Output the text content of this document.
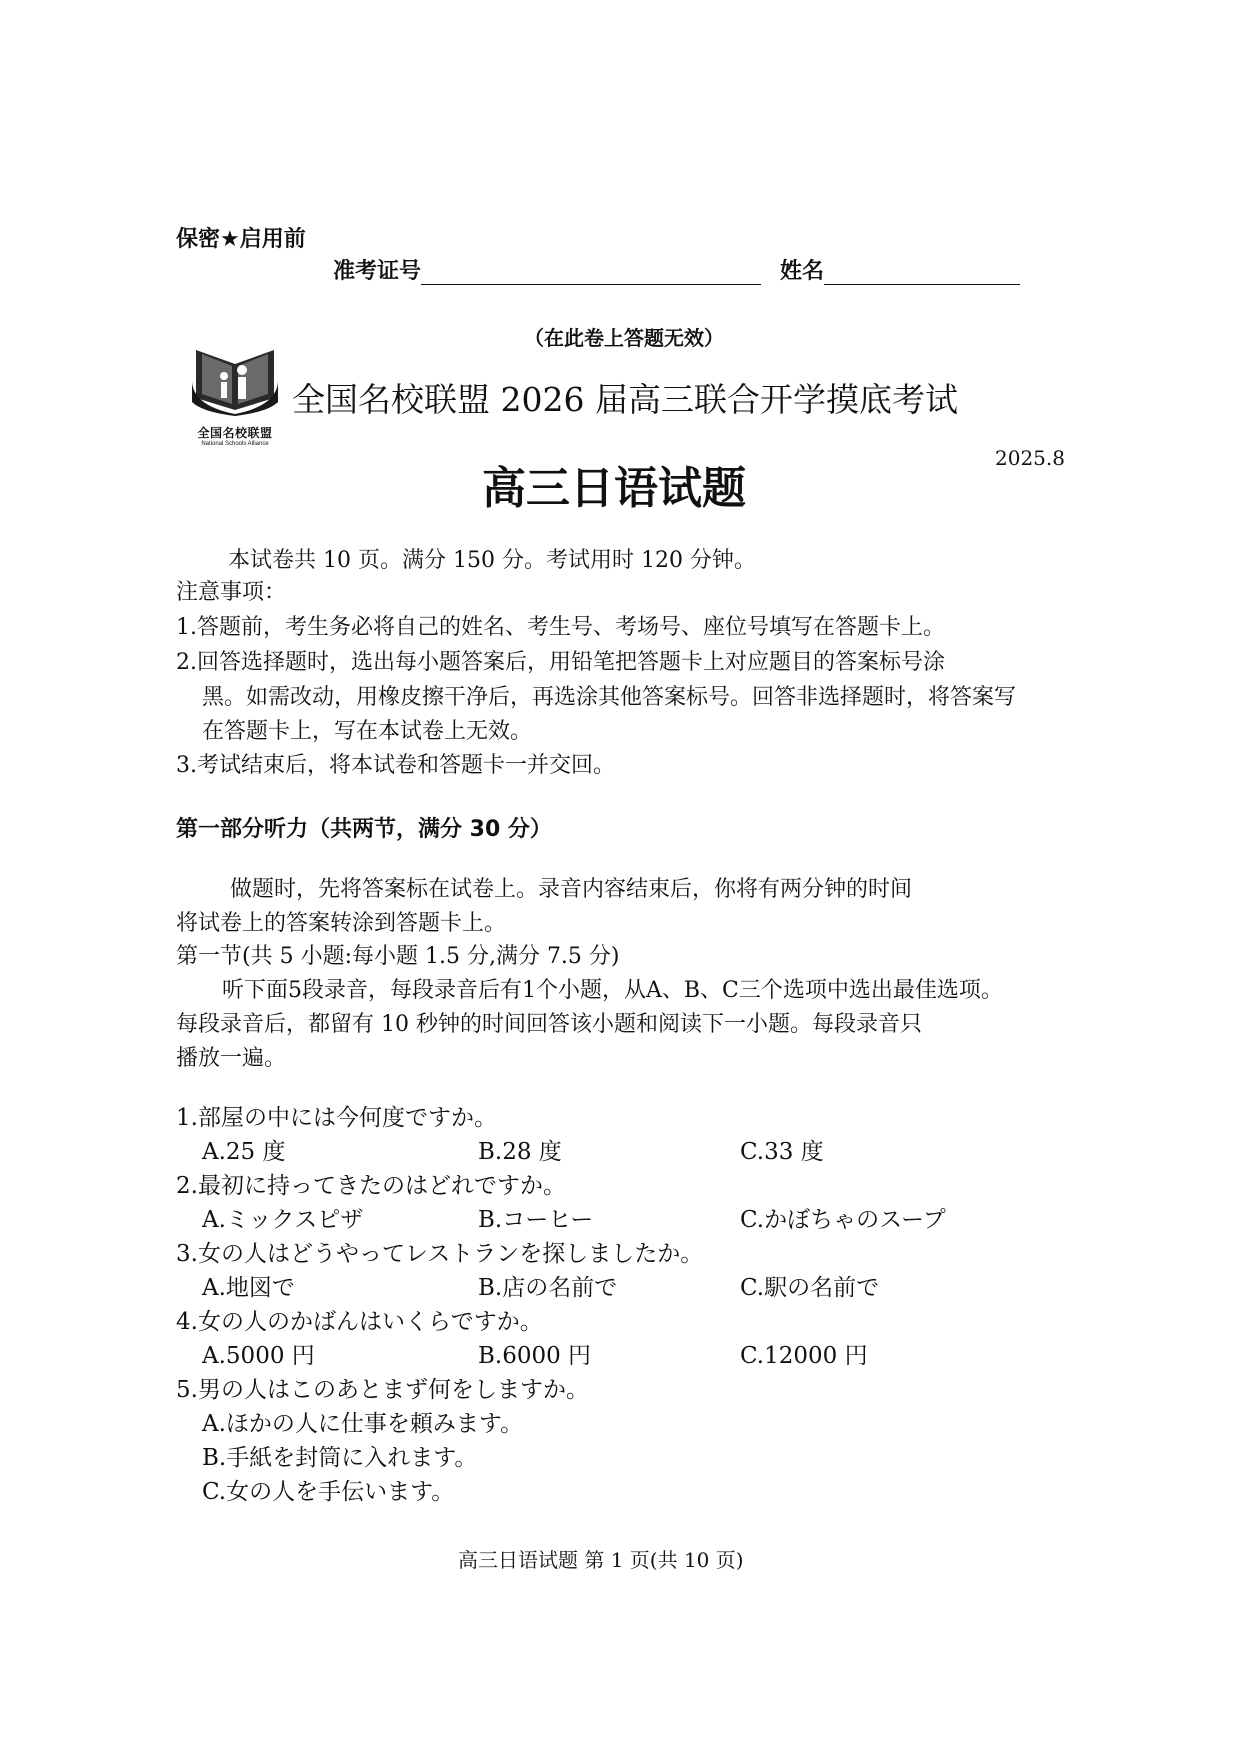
保密★启用前
准考证号	姓名
（在此卷上答题无效）
全国名校联盟
National Schools Alliance
全国名校联盟 2026 届高三联合开学摸底考试
2025.8
高三日语试题
本试卷共 10 页。满分 150 分。考试用时 120 分钟。
注意事项：
1.答题前，考生务必将自己的姓名、考生号、考场号、座位号填写在答题卡上。
2.回答选择题时，选出每小题答案后，用铅笔把答题卡上对应题目的答案标号涂
黑。如需改动，用橡皮擦干净后，再选涂其他答案标号。回答非选择题时，将答案写
在答题卡上，写在本试卷上无效。
3.考试结束后，将本试卷和答题卡一并交回。
第一部分听力（共两节，满分 30 分）
做题时，先将答案标在试卷上。录音内容结束后，你将有两分钟的时间
将试卷上的答案转涂到答题卡上。
第一节(共 5 小题:每小题 1.5 分,满分 7.5 分)
听下面5段录音，每段录音后有1个小题，从A、B、C三个选项中选出最佳选项。
每段录音后，都留有 10 秒钟的时间回答该小题和阅读下一小题。每段录音只
播放一遍。
1.部屋の中には今何度ですか。
A.25 度	B.28 度	C.33 度
2.最初に持ってきたのはどれですか。
A.ミックスピザ	B.コーヒー	C.かぼちゃのスープ
3.女の人はどうやってレストランを探しましたか。
A.地図で	B.店の名前で	C.駅の名前で
4.女の人のかばんはいくらですか。
A.5000 円	B.6000 円	C.12000 円
5.男の人はこのあとまず何をしますか。
A.ほかの人に仕事を頼みます。
B.手紙を封筒に入れます。
C.女の人を手伝います。
高三日语试题 第 1 页(共 10 页)
